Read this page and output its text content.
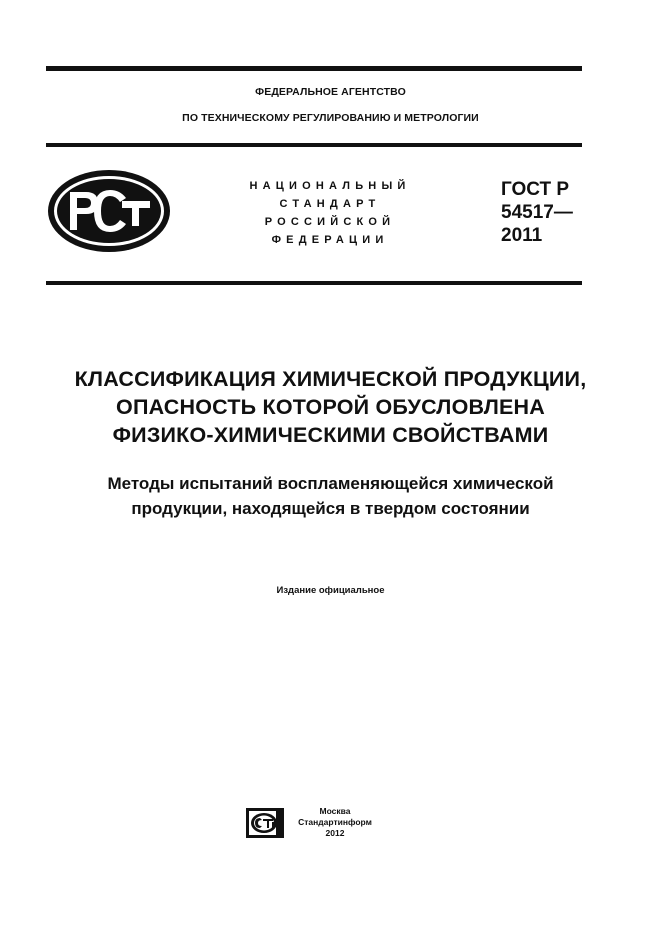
ФЕДЕРАЛЬНОЕ АГЕНТСТВО
ПО ТЕХНИЧЕСКОМУ РЕГУЛИРОВАНИЮ И МЕТРОЛОГИИ
НАЦИОНАЛЬНЫЙ
СТАНДАРТ
РОССИЙСКОЙ
ФЕДЕРАЦИИ
ГОСТ Р
54517—
2011
КЛАССИФИКАЦИЯ ХИМИЧЕСКОЙ ПРОДУКЦИИ,
ОПАСНОСТЬ КОТОРОЙ ОБУСЛОВЛЕНА
ФИЗИКО-ХИМИЧЕСКИМИ СВОЙСТВАМИ
Методы испытаний воспламеняющейся химической
продукции, находящейся в твердом состоянии
Издание официальное
Москва
Стандартинформ
2012
